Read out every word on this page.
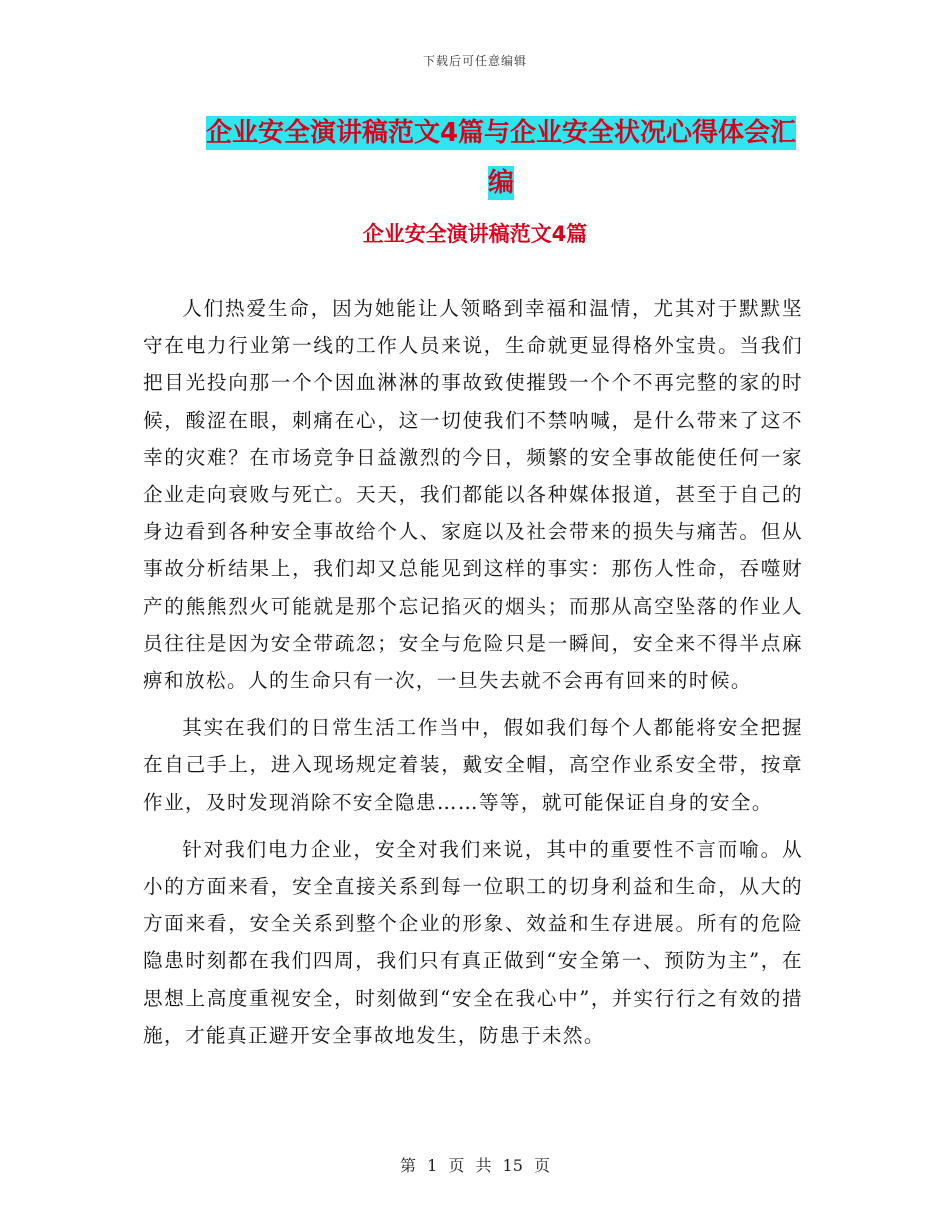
下载后可任意编辑
企业安全演讲稿范文4篇与企业安全状况心得体会汇
编
企业安全演讲稿范文4篇

人们热爱生命，因为她能让人领略到幸福和温情，尤其对于默默坚守在电力行业第一线的工作人员来说，生命就更显得格外宝贵。当我们把目光投向那一个个因血淋淋的事故致使摧毁一个个不再完整的家的时候，酸涩在眼，刺痛在心，这一切使我们不禁呐喊，是什么带来了这不幸的灾难？在市场竞争日益激烈的今日，频繁的安全事故能使任何一家企业走向衰败与死亡。天天，我们都能以各种媒体报道，甚至于自己的身边看到各种安全事故给个人、家庭以及社会带来的损失与痛苦。但从事故分析结果上，我们却又总能见到这样的事实：那伤人性命，吞噬财产的熊熊烈火可能就是那个忘记掐灭的烟头；而那从高空坠落的作业人员往往是因为安全带疏忽；安全与危险只是一瞬间，安全来不得半点麻痹和放松。人的生命只有一次，一旦失去就不会再有回来的时候。

其实在我们的日常生活工作当中，假如我们每个人都能将安全把握在自己手上，进入现场规定着装，戴安全帽，高空作业系安全带，按章作业，及时发现消除不安全隐患……等等，就可能保证自身的安全。

针对我们电力企业，安全对我们来说，其中的重要性不言而喻。从小的方面来看，安全直接关系到每一位职工的切身利益和生命，从大的方面来看，安全关系到整个企业的形象、效益和生存进展。所有的危险隐患时刻都在我们四周，我们只有真正做到“安全第一、预防为主”，在思想上高度重视安全，时刻做到“安全在我心中”，并实行行之有效的措施，才能真正避开安全事故地发生，防患于未然。

第 1 页 共 15 页
